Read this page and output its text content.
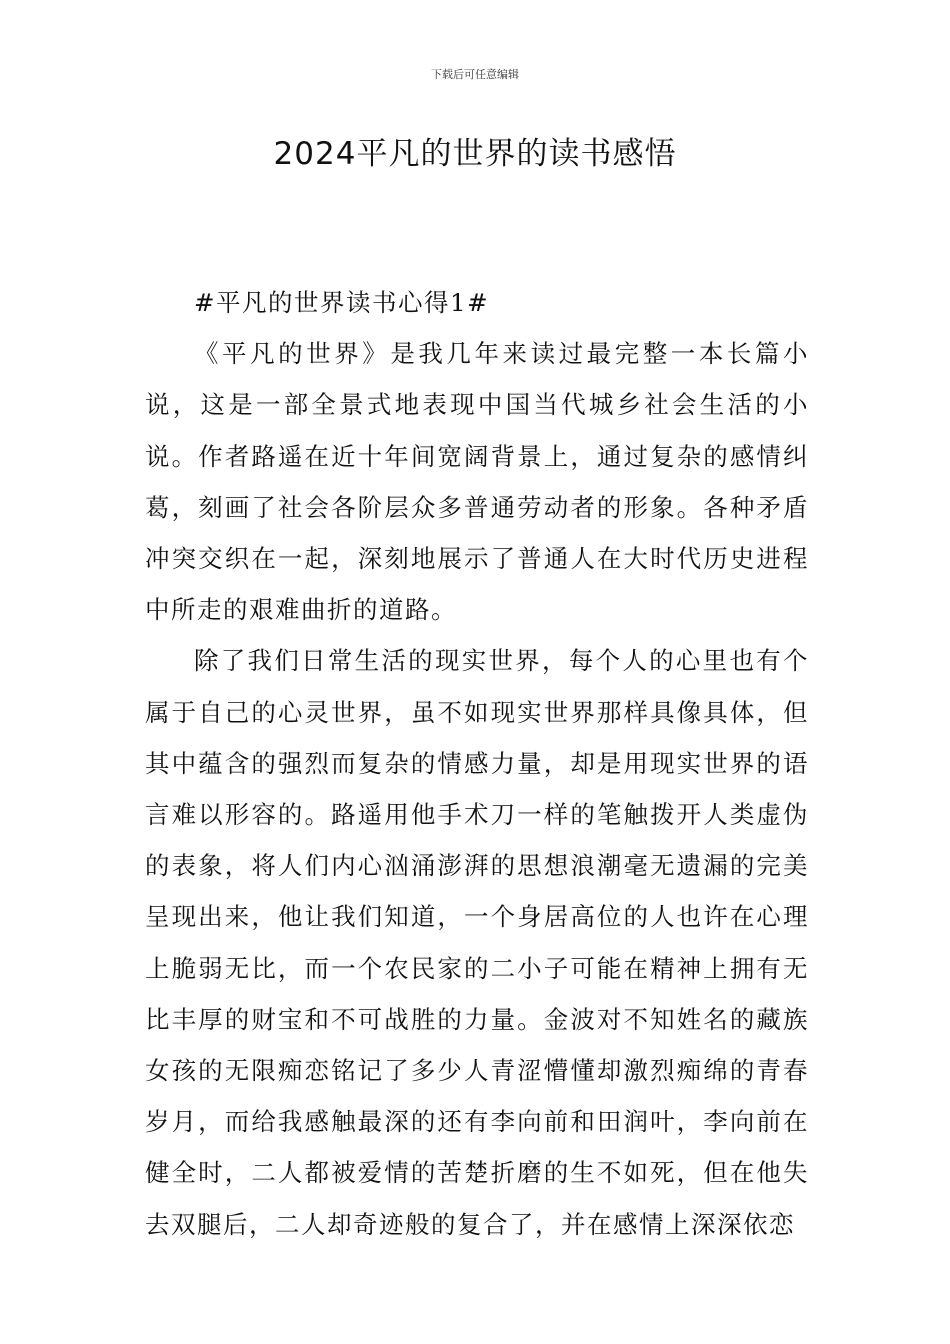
下载后可任意编辑
2024平凡的世界的读书感悟

#平凡的世界读书心得1#

《平凡的世界》是我几年来读过最完整一本长篇小说，这是一部全景式地表现中国当代城乡社会生活的小说。作者路遥在近十年间宽阔背景上，通过复杂的感情纠葛，刻画了社会各阶层众多普通劳动者的形象。各种矛盾冲突交织在一起，深刻地展示了普通人在大时代历史进程中所走的艰难曲折的道路。

除了我们日常生活的现实世界，每个人的心里也有个属于自己的心灵世界，虽不如现实世界那样具像具体，但其中蕴含的强烈而复杂的情感力量，却是用现实世界的语言难以形容的。路遥用他手术刀一样的笔触拨开人类虚伪的表象，将人们内心汹涌澎湃的思想浪潮毫无遗漏的完美呈现出来，他让我们知道，一个身居高位的人也许在心理上脆弱无比，而一个农民家的二小子可能在精神上拥有无比丰厚的财宝和不可战胜的力量。金波对不知姓名的藏族女孩的无限痴恋铭记了多少人青涩懵懂却激烈痴绵的青春岁月，而给我感触最深的还有李向前和田润叶，李向前在健全时，二人都被爱情的苦楚折磨的生不如死，但在他失去双腿后，二人却奇迹般的复合了，并在感情上深深依恋
